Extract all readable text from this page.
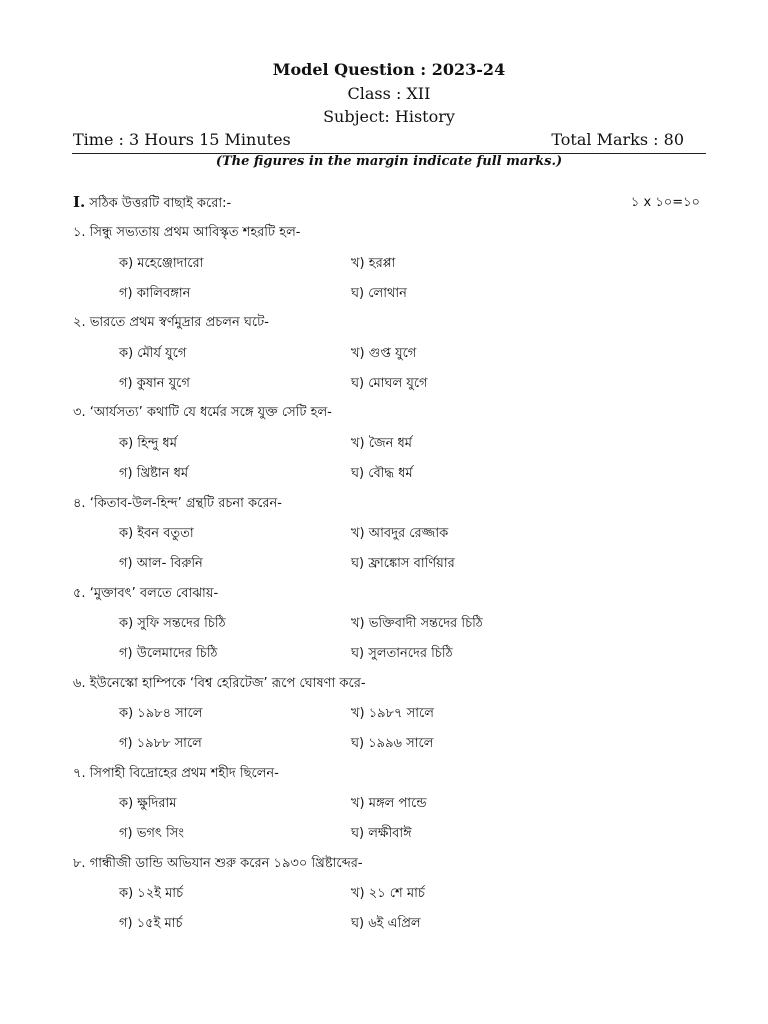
Model Question : 2023-24
Class : XII
Subject: History
Time : 3 Hours 15 Minutes	Total Marks : 80
(The figures in the margin indicate full marks.)
I. সঠিক উত্তরটি বাছাই করো:-	১ x ১০=১০
১. সিন্ধু সভ্যতায় প্রথম আবিস্কৃত শহরটি হল-
ক) মহেঞ্জোদারো	খ) হরপ্পা
গ) কালিবঙ্গান	ঘ) লোথান
২. ভারতে প্রথম স্বর্ণমুদ্রার প্রচলন ঘটে-
ক) মৌর্য যুগে	খ) গুপ্ত যুগে
গ) কুষান যুগে	ঘ) মোঘল যুগে
৩. ‘আর্যসত্য’ কথাটি যে ধর্মের সঙ্গে যুক্ত সেটি হল-
ক) হিন্দু ধর্ম	খ) জৈন ধর্ম
গ) খ্রিষ্টান ধর্ম	ঘ) বৌদ্ধ ধর্ম
৪. ‘কিতাব-উল-হিন্দ’ গ্রন্থটি রচনা করেন-
ক) ইবন বতুতা	খ) আবদুর রেজ্জাক
গ) আল- বিরুনি	ঘ) ফ্রাঙ্কোস বার্ণিয়ার
৫. ‘মুক্তাবৎ’ বলতে বোঝায়-
ক) সুফি সন্তদের চিঠি	খ) ভক্তিবাদী সন্তদের চিঠি
গ) উলেমাদের চিঠি	ঘ) সুলতানদের চিঠি
৬. ইউনেস্কো হাম্পিকে ‘বিশ্ব হেরিটেজ’ রূপে ঘোষণা করে-
ক) ১৯৮৪ সালে	খ) ১৯৮৭ সালে
গ) ১৯৮৮ সালে	ঘ) ১৯৯৬ সালে
৭. সিপাহী বিদ্রোহের প্রথম শহীদ ছিলেন-
ক) ক্ষুদিরাম	খ) মঙ্গল পান্ডে
গ) ভগৎ সিং	ঘ) লক্ষীবাঈ
৮. গান্ধীজী ডান্ডি অভিযান শুরু করেন ১৯৩০ খ্রিষ্টাব্দের-
ক) ১২ই মার্চ	খ) ২১ শে মার্চ
গ) ১৫ই মার্চ	ঘ) ৬ই এপ্রিল
